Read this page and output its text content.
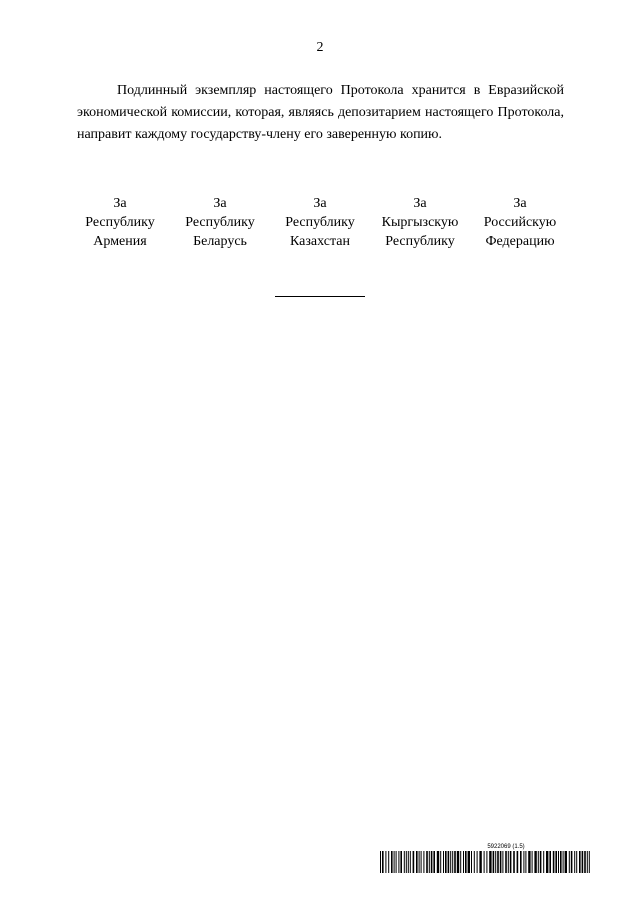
2

Подлинный экземпляр настоящего Протокола хранится в Евразийской экономической комиссии, которая, являясь депозитарием настоящего Протокола, направит каждому государству-члену его заверенную копию.

За
Республику
Армения
За
Республику
Беларусь
За
Республику
Казахстан
За
Кыргызскую
Республику
За
Российскую
Федерацию
5922069 (1.5)
